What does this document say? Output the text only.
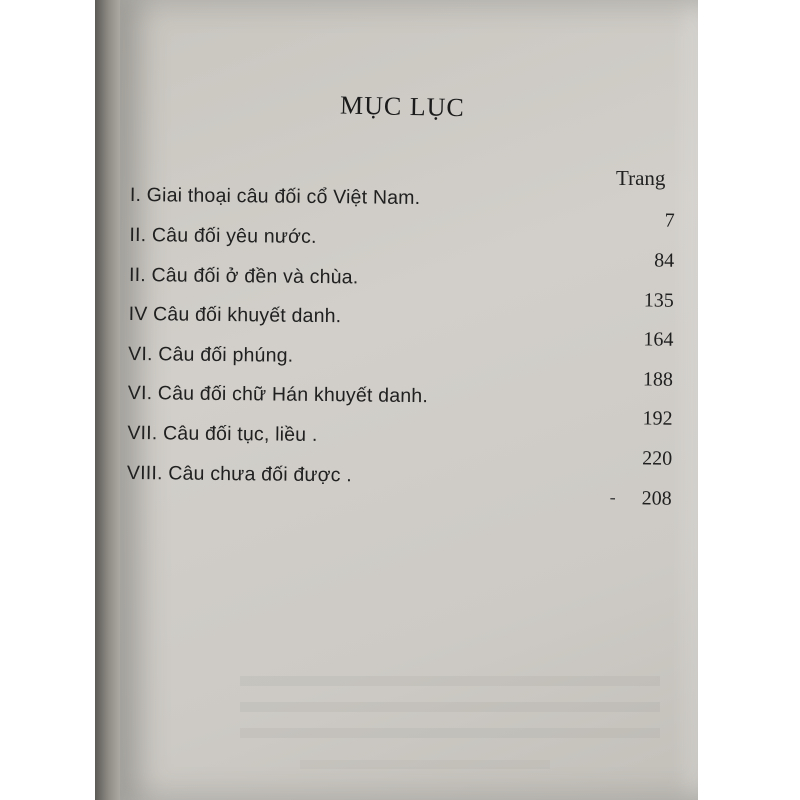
MỤC LỤC
Trang
I. Giai thoại câu đối cổ Việt Nam.
7
II. Câu đối yêu nước.
84
II. Câu đối ở đền và chùa.
135
IV Câu đối khuyết danh.
164
VI. Câu đối phúng.
188
VI. Câu đối chữ Hán khuyết danh.
192
VII. Câu đối tục, liều .
220
VIII. Câu chưa đối được .
- 208
